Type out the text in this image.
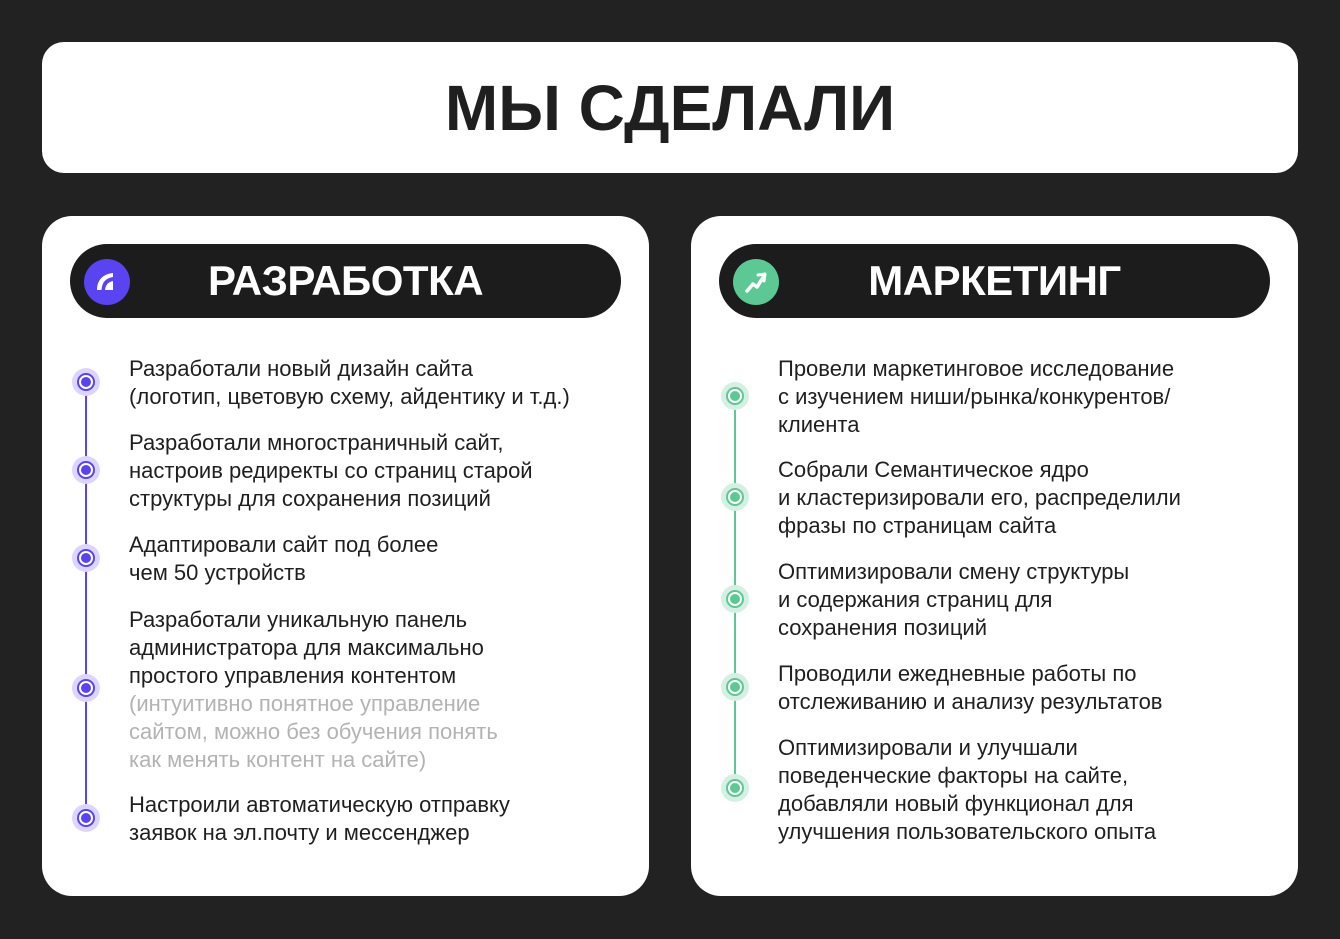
МЫ СДЕЛАЛИ
РАЗРАБОТКА
Разработали новый дизайн сайта
(логотип, цветовую схему, айдентику и т.д.)
Разработали многостраничный сайт,
настроив редиректы со страниц старой
структуры для сохранения позиций
Адаптировали сайт под более
чем 50 устройств
Разработали уникальную панель
администратора для максимально
простого управления контентом
(интуитивно понятное управление
сайтом, можно без обучения понять
как менять контент на сайте)
Настроили автоматическую отправку
заявок на эл.почту и мессенджер
МАРКЕТИНГ
Провели маркетинговое исследование
с изучением ниши/рынка/конкурентов/
клиента
Собрали Семантическое ядро
и кластеризировали его, распределили
фразы по страницам сайта
Оптимизировали смену структуры
и содержания страниц для
сохранения позиций
Проводили ежедневные работы по
отслеживанию и анализу результатов
Оптимизировали и улучшали
поведенческие факторы на сайте,
добавляли новый функционал для
улучшения пользовательского опыта
